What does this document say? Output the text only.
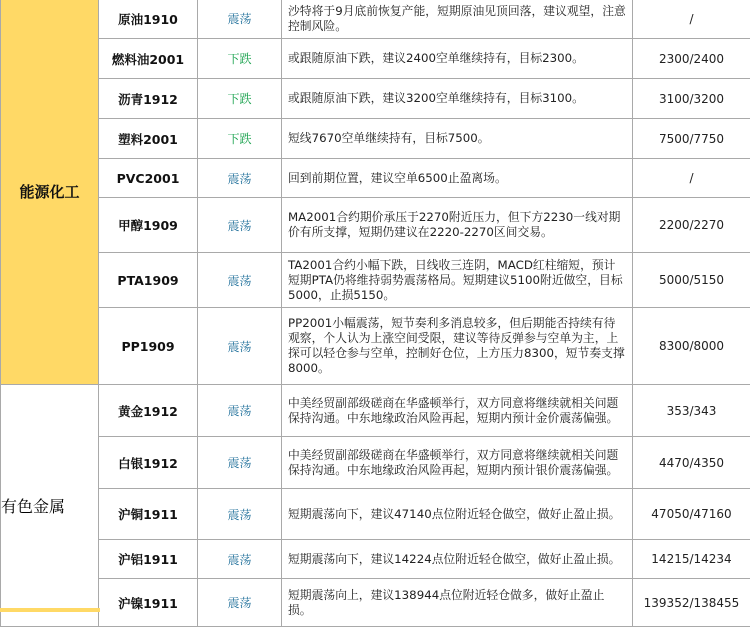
能源化工	原油1910	震荡	沙特将于9月底前恢复产能，短期原油见顶回落，建议观望，注意控制风险。	/
	燃料油2001	下跌	或跟随原油下跌，建议2400空单继续持有，目标2300。	2300/2400
	沥青1912	下跌	或跟随原油下跌，建议3200空单继续持有，目标3100。	3100/3200
	塑料2001	下跌	短线7670空单继续持有，目标7500。	7500/7750
	PVC2001	震荡	回到前期位置，建议空单6500止盈离场。	/
	甲醇1909	震荡	MA2001合约期价承压于2270附近压力，但下方2230一线对期价有所支撑，短期仍建议在2220-2270区间交易。	2200/2270
	PTA1909	震荡	TA2001合约小幅下跌，日线收三连阴，MACD红柱缩短，预计短期PTA仍将维持弱势震荡格局。短期建议5100附近做空，目标5000，止损5150。	5000/5150
	PP1909	震荡	PP2001小幅震荡，短节奏利多消息较多，但后期能否持续有待观察，个人认为上涨空间受限，建议等待反弹参与空单为主，上探可以轻仓参与空单，控制好仓位，上方压力8300，短节奏支撑8000。	8300/8000
有色金属	黄金1912	震荡	中美经贸副部级磋商在华盛顿举行，双方同意将继续就相关问题保持沟通。中东地缘政治风险再起，短期内预计金价震荡偏强。	353/343
	白银1912	震荡	中美经贸副部级磋商在华盛顿举行，双方同意将继续就相关问题保持沟通。中东地缘政治风险再起，短期内预计银价震荡偏强。	4470/4350
	沪铜1911	震荡	短期震荡向下，建议47140点位附近轻仓做空，做好止盈止损。	47050/47160
	沪铝1911	震荡	短期震荡向下，建议14224点位附近轻仓做空，做好止盈止损。	14215/14234
	沪镍1911	震荡	短期震荡向上，建议138944点位附近轻仓做多，做好止盈止损。	139352/138455
